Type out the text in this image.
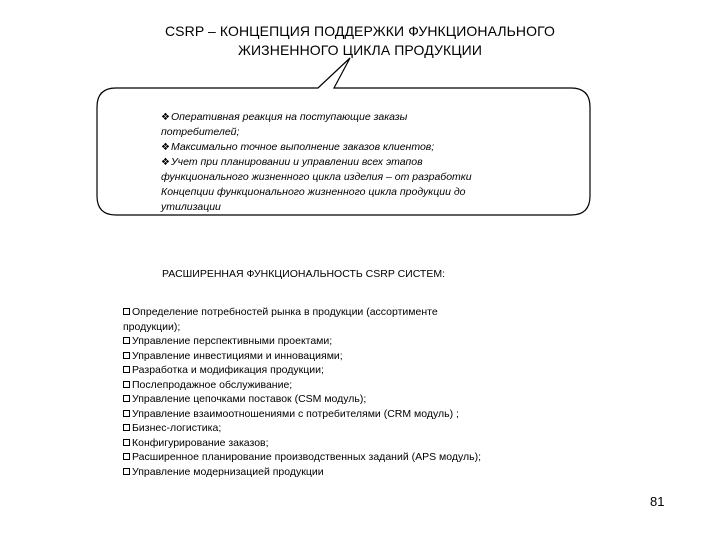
CSRP – КОНЦЕПЦИЯ ПОДДЕРЖКИ ФУНКЦИОНАЛЬНОГО
ЖИЗНЕННОГО ЦИКЛА ПРОДУКЦИИ
❖Оперативная реакция на поступающие заказы
потребителей;
❖Максимально точное выполнение заказов клиентов;
❖Учет при планировании и управлении всех этапов
функционального жизненного цикла изделия – от разработки
Концепции функционального жизненного цикла продукции до
утилизации
РАСШИРЕННАЯ ФУНКЦИОНАЛЬНОСТЬ CSRP СИСТЕМ:
Определение потребностей рынка в продукции (ассортименте
продукции);
Управление перспективными проектами;
Управление инвестициями и инновациями;
Разработка и модификация продукции;
Послепродажное обслуживание;
Управление цепочками поставок (CSM модуль);
Управление взаимоотношениями с потребителями (CRM модуль) ;
Бизнес-логистика;
Конфигурирование заказов;
Расширенное планирование производственных заданий (APS модуль);
Управление модернизацией продукции
81
